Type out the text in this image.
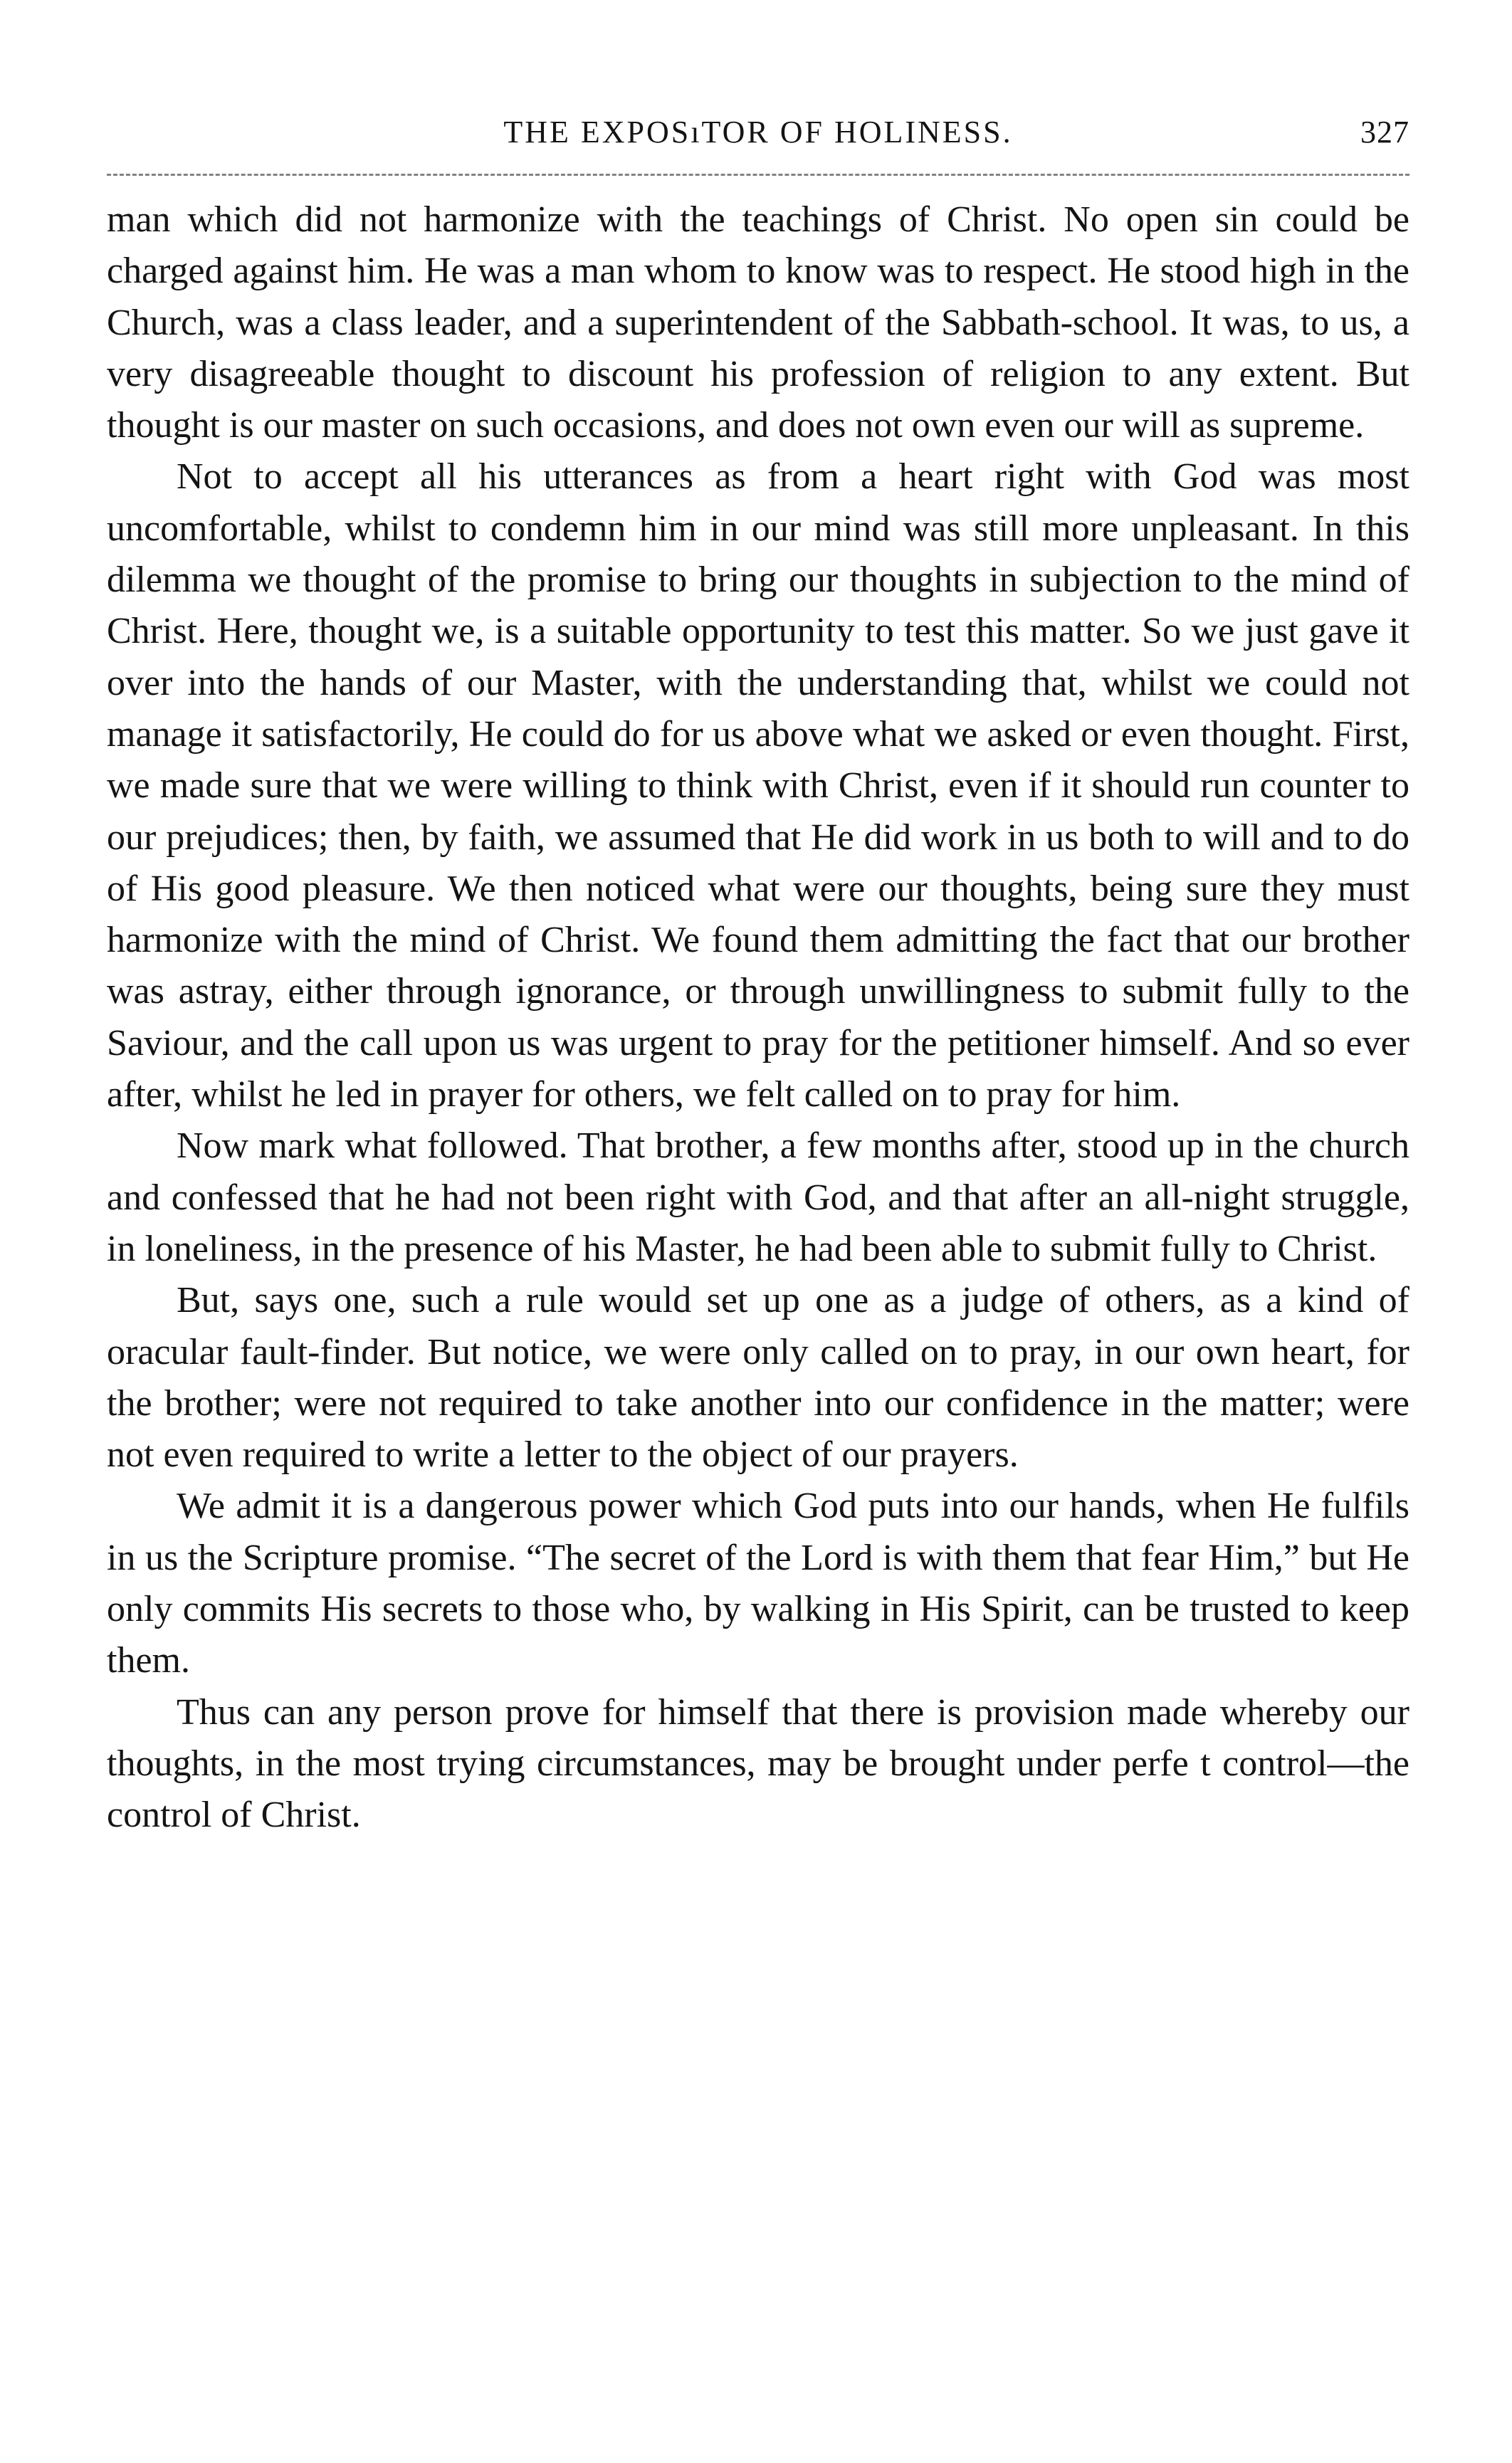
THE EXPOSıTOR OF HOLINESS.	327

man which did not harmonize with the teachings of Christ. No open sin could be charged against him. He was a man whom to know was to respect. He stood high in the Church, was a class leader, and a superintendent of the Sabbath-school. It was, to us, a very disagreeable thought to discount his profession of religion to any extent. But thought is our master on such occasions, and does not own even our will as supreme.

Not to accept all his utterances as from a heart right with God was most uncomfortable, whilst to condemn him in our mind was still more unpleasant. In this dilemma we thought of the promise to bring our thoughts in subjection to the mind of Christ. Here, thought we, is a suitable opportunity to test this matter. So we just gave it over into the hands of our Master, with the understanding that, whilst we could not manage it satisfactorily, He could do for us above what we asked or even thought. First, we made sure that we were willing to think with Christ, even if it should run counter to our prejudices; then, by faith, we assumed that He did work in us both to will and to do of His good pleasure. We then noticed what were our thoughts, being sure they must harmonize with the mind of Christ. We found them admitting the fact that our brother was astray, either through ignorance, or through unwillingness to submit fully to the Saviour, and the call upon us was urgent to pray for the petitioner himself. And so ever after, whilst he led in prayer for others, we felt called on to pray for him.

Now mark what followed. That brother, a few months after, stood up in the church and confessed that he had not been right with God, and that after an all-night struggle, in loneliness, in the presence of his Master, he had been able to submit fully to Christ.

But, says one, such a rule would set up one as a judge of others, as a kind of oracular fault-finder. But notice, we were only called on to pray, in our own heart, for the brother; were not required to take another into our confidence in the matter; were not even required to write a letter to the object of our prayers.

We admit it is a dangerous power which God puts into our hands, when He fulfils in us the Scripture promise. “The secret of the Lord is with them that fear Him,” but He only commits His secrets to those who, by walking in His Spirit, can be trusted to keep them.

Thus can any person prove for himself that there is provision made whereby our thoughts, in the most trying circumstances, may be brought under perfe t control—the control of Christ.
